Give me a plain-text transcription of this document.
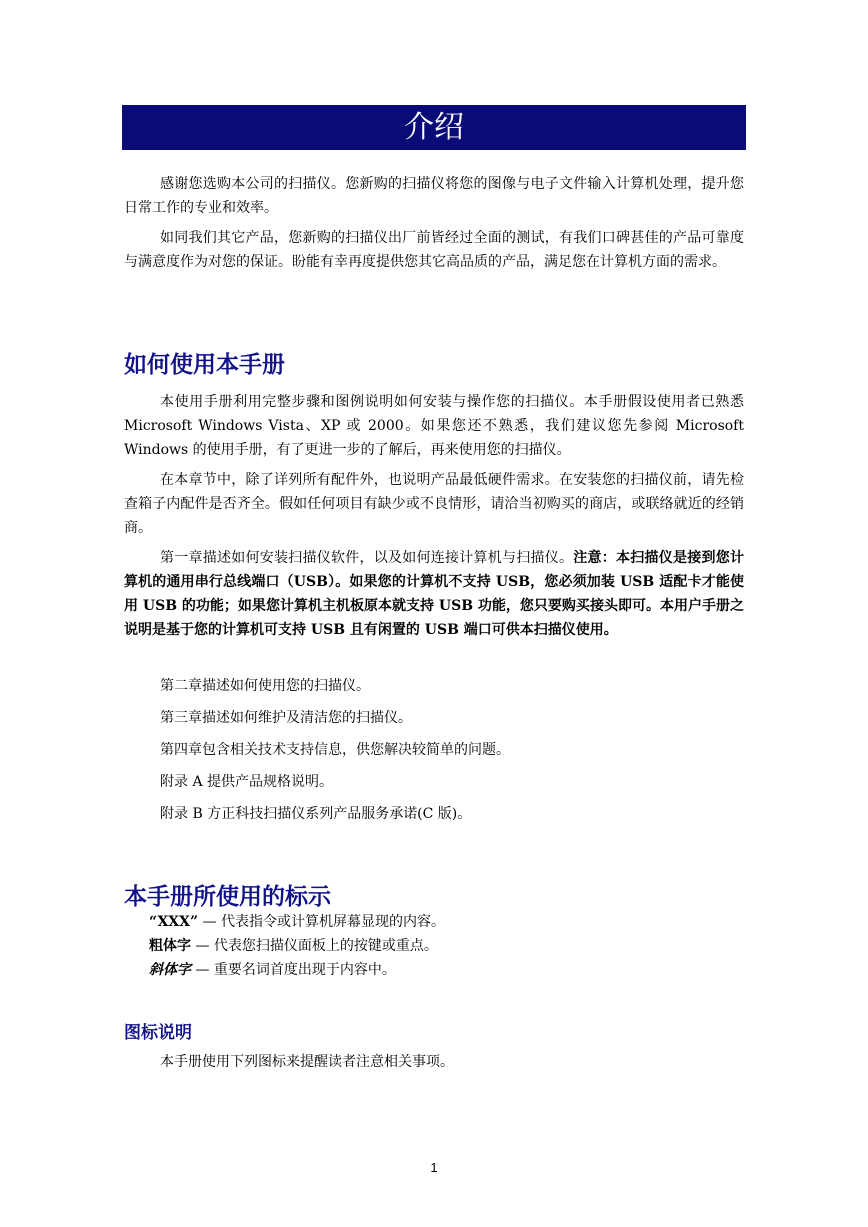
介绍

感谢您选购本公司的扫描仪。您新购的扫描仪将您的图像与电子文件输入计算机处理，提升您日常工作的专业和效率。

如同我们其它产品，您新购的扫描仪出厂前皆经过全面的测试，有我们口碑甚佳的产品可靠度与满意度作为对您的保证。盼能有幸再度提供您其它高品质的产品，满足您在计算机方面的需求。

如何使用本手册

本使用手册利用完整步骤和图例说明如何安装与操作您的扫描仪。本手册假设使用者已熟悉 Microsoft Windows Vista、XP 或 2000。如果您还不熟悉，我们建议您先参阅 Microsoft Windows 的使用手册，有了更进一步的了解后，再来使用您的扫描仪。

在本章节中，除了详列所有配件外，也说明产品最低硬件需求。在安装您的扫描仪前，请先检查箱子内配件是否齐全。假如任何项目有缺少或不良情形，请洽当初购买的商店，或联络就近的经销商。

第一章描述如何安装扫描仪软件，以及如何连接计算机与扫描仪。注意：本扫描仪是接到您计算机的通用串行总线端口（USB）。如果您的计算机不支持 USB，您必须加装 USB 适配卡才能使用 USB 的功能；如果您计算机主机板原本就支持 USB 功能，您只要购买接头即可。本用户手册之说明是基于您的计算机可支持 USB 且有闲置的 USB 端口可供本扫描仪使用。

第二章描述如何使用您的扫描仪。

第三章描述如何维护及清洁您的扫描仪。

第四章包含相关技术支持信息，供您解决较简单的问题。

附录 A 提供产品规格说明。

附录 B 方正科技扫描仪系列产品服务承诺(C 版)。

本手册所使用的标示

“XXX” — 代表指令或计算机屏幕显现的内容。

粗体字 — 代表您扫描仪面板上的按键或重点。

斜体字 — 重要名词首度出现于内容中。

图标说明

本手册使用下列图标来提醒读者注意相关事项。

1
